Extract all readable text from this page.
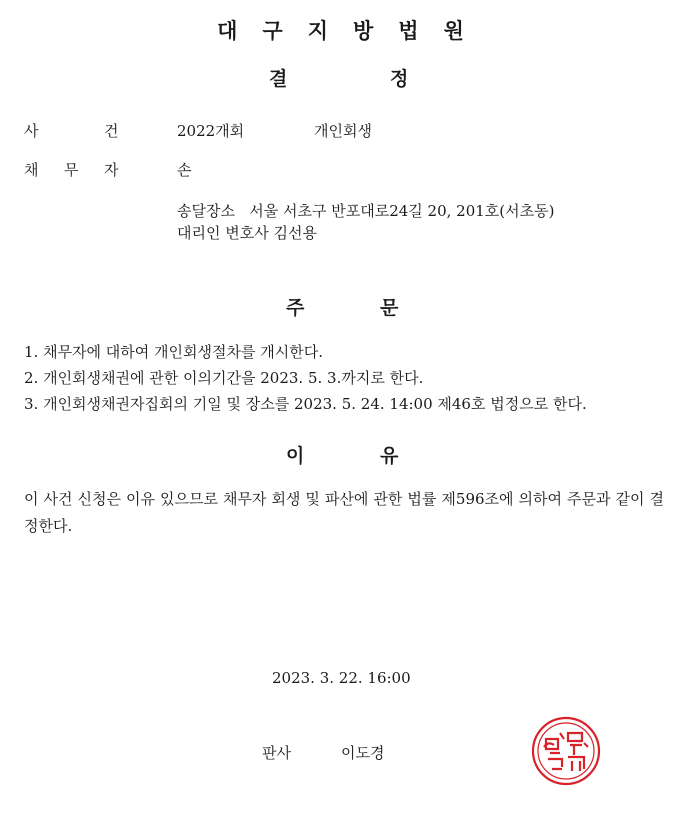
대구지방법원
결	정
사	건	2022개회	개인회생
채 무 자	손
송달장소   서울 서초구 반포대로24길 20, 201호(서초동)
대리인 변호사 김선용
주	문
1. 채무자에 대하여 개인회생절차를 개시한다.
2. 개인회생채권에 관한 이의기간을 2023. 5. 3.까지로 한다.
3. 개인회생채권자집회의 기일 및 장소를 2023. 5. 24. 14:00 제46호 법정으로 한다.
이	유
이 사건 신청은 이유 있으므로 채무자 회생 및 파산에 관한 법률 제596조에 의하여 주문과 같이 결정한다.
2023. 3. 22. 16:00
판사	이도경
